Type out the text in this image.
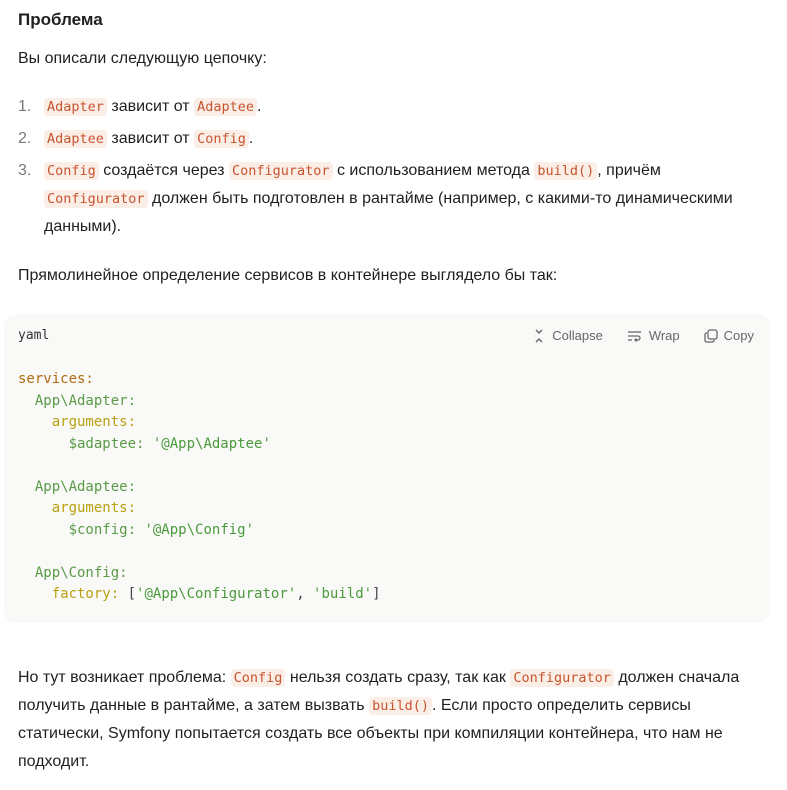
Проблема

Вы описали следующую цепочку:

1. Adapter зависит от Adaptee .
2. Adaptee зависит от Config .
3. Config создаётся через Configurator с использованием метода build() , причём
Configurator должен быть подготовлен в рантайме (например, с какими-то динамическими данными).

Прямолинейное определение сервисов в контейнере выглядело бы так:

yaml	Collapse	Wrap	Copy
services:
App\Adapter:
arguments:
$adaptee: '@App\Adaptee'

App\Adaptee:
arguments:
$config: '@App\Config'

App\Config:
factory: ['@App\Configurator', 'build']

Но тут возникает проблема: Config нельзя создать сразу, так как Configurator должен сначала получить данные в рантайме, а затем вызвать build() . Если просто определить сервисы статически, Symfony попытается создать все объекты при компиляции контейнера, что нам не подходит.
